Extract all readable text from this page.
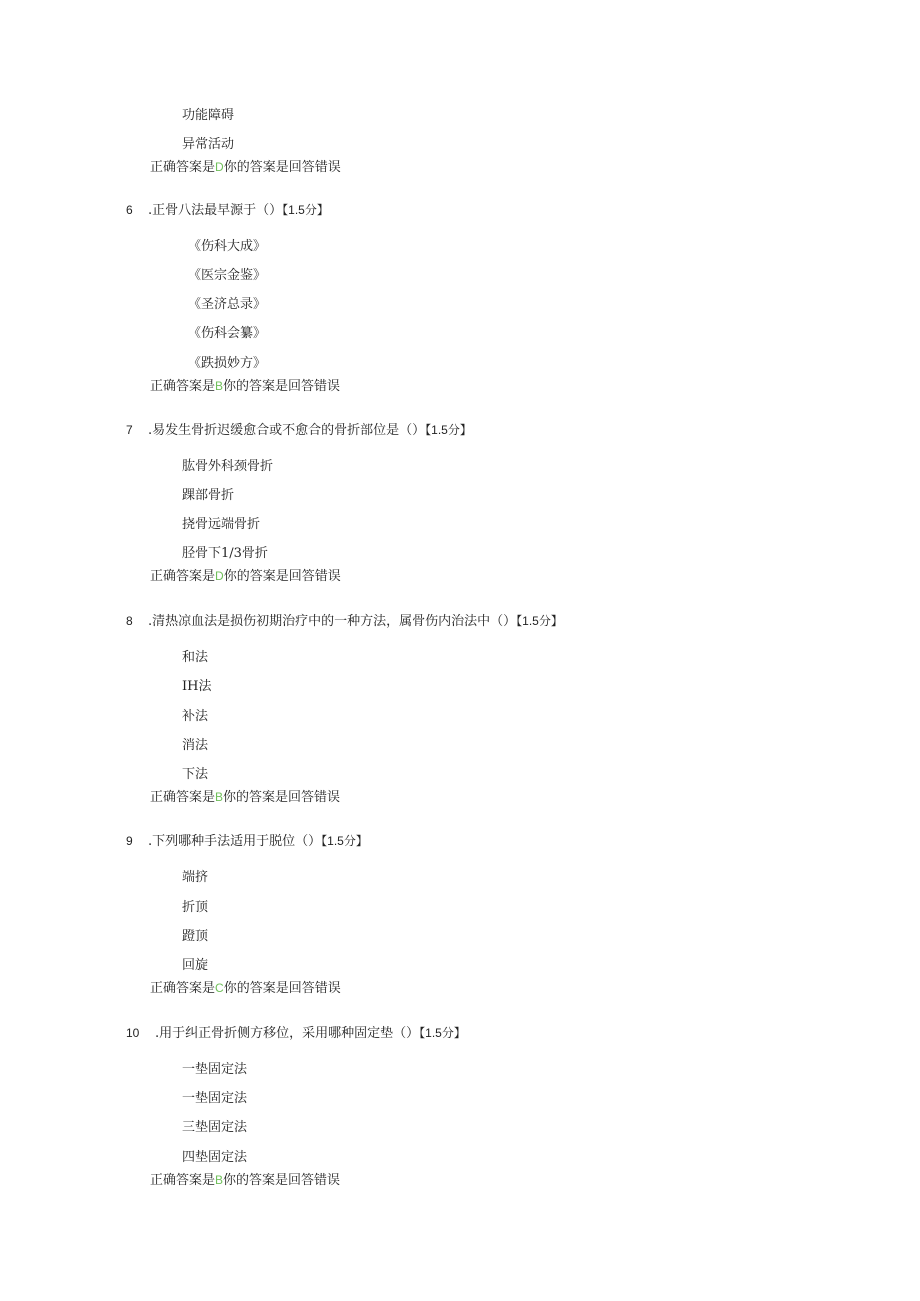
功能障碍
异常活动
正确答案是D你的答案是回答错误
6 .正骨八法最早源于（）【1.5分】
《伤科大成》
《医宗金鉴》
《圣济总录》
《伤科会纂》
《跌损妙方》
正确答案是B你的答案是回答错误
7 .易发生骨折迟缓愈合或不愈合的骨折部位是（）【1.5分】
肱骨外科颈骨折
踝部骨折
挠骨远端骨折
胫骨下1/3骨折
正确答案是D你的答案是回答错误
8 .清热凉血法是损伤初期治疗中的一种方法，属骨伤内治法中（）【1.5分】
和法
IH法
补法
消法
下法
正确答案是B你的答案是回答错误
9 .下列哪种手法适用于脱位（）【1.5分】
端挤
折顶
蹬顶
回旋
正确答案是C你的答案是回答错误
10 .用于纠正骨折侧方移位，采用哪种固定垫（）【1.5分】
一垫固定法
一垫固定法
三垫固定法
四垫固定法
正确答案是B你的答案是回答错误
